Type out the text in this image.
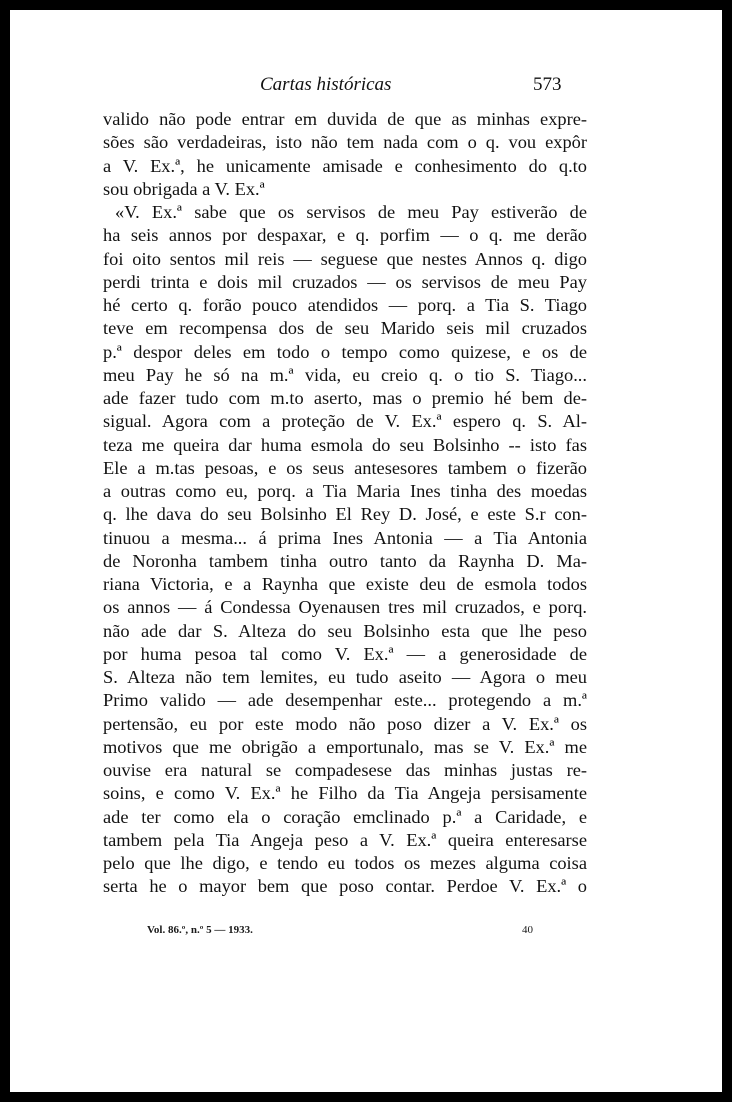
Cartas históricas	573
valido não pode entrar em duvida de que as minhas expre-
sões são verdadeiras, isto não tem nada com o q. vou expôr
a V. Ex.ª, he unicamente amisade e conhesimento do q.to
sou obrigada a V. Ex.ª
«V. Ex.ª sabe que os servisos de meu Pay estiverão de
ha seis annos por despaxar, e q. porfim — o q. me derão
foi oito sentos mil reis — seguese que nestes Annos q. digo
perdi trinta e dois mil cruzados — os servisos de meu Pay
hé certo q. forão pouco atendidos — porq. a Tia S. Tiago
teve em recompensa dos de seu Marido seis mil cruzados
p.ª despor deles em todo o tempo como quizese, e os de
meu Pay he só na m.ª vida, eu creio q. o tio S. Tiago...
ade fazer tudo com m.to aserto, mas o premio hé bem de-
sigual. Agora com a proteção de V. Ex.ª espero q. S. Al-
teza me queira dar huma esmola do seu Bolsinho -- isto fas
Ele a m.tas pesoas, e os seus antesesores tambem o fizerão
a outras como eu, porq. a Tia Maria Ines tinha des moedas
q. lhe dava do seu Bolsinho El Rey D. José, e este S.r con-
tinuou a mesma... á prima Ines Antonia — a Tia Antonia
de Noronha tambem tinha outro tanto da Raynha D. Ma-
riana Victoria, e a Raynha que existe deu de esmola todos
os annos — á Condessa Oyenausen tres mil cruzados, e porq.
não ade dar S. Alteza do seu Bolsinho esta que lhe peso
por huma pesoa tal como V. Ex.ª — a generosidade de
S. Alteza não tem lemites, eu tudo aseito — Agora o meu
Primo valido — ade desempenhar este... protegendo a m.ª
pertensão, eu por este modo não poso dizer a V. Ex.ª os
motivos que me obrigão a emportunalo, mas se V. Ex.ª me
ouvise era natural se compadesese das minhas justas re-
soins, e como V. Ex.ª he Filho da Tia Angeja persisamente
ade ter como ela o coração emclinado p.ª a Caridade, e
tambem pela Tia Angeja peso a V. Ex.ª queira enteresarse
pelo que lhe digo, e tendo eu todos os mezes alguma coisa
serta he o mayor bem que poso contar. Perdoe V. Ex.ª o
Vol. 86.º, n.º 5 — 1933.	40
